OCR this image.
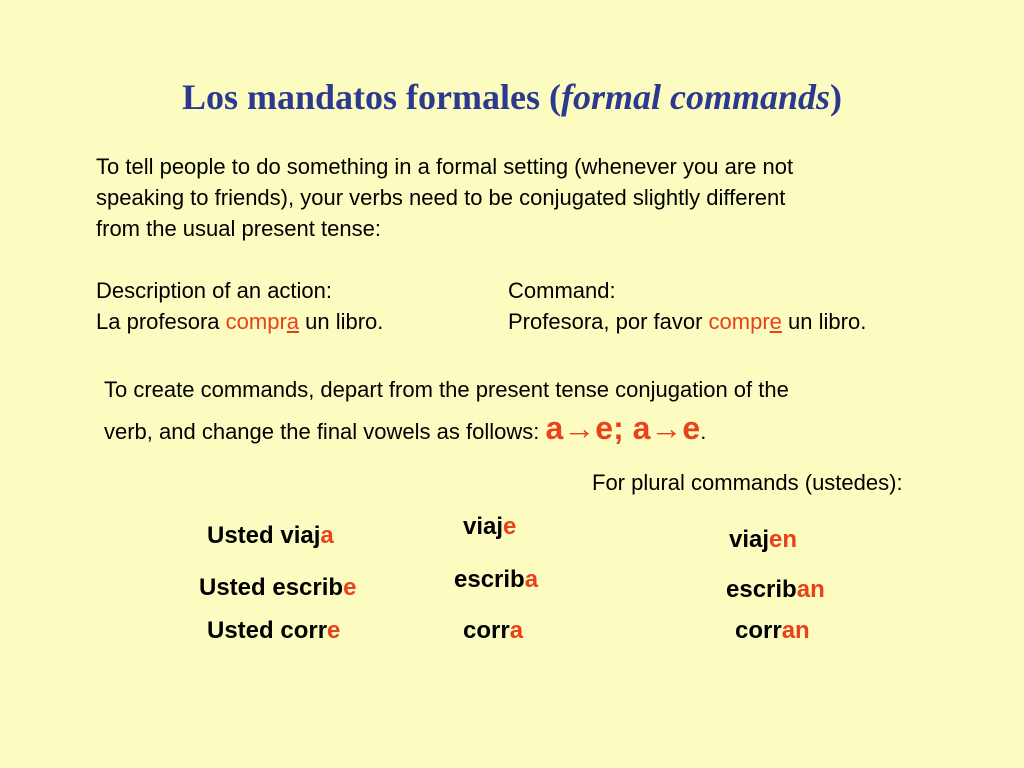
Los mandatos formales (formal commands)
To tell people to do something in a formal setting (whenever you are not
speaking to friends), your verbs need to be conjugated slightly different
from the usual present tense:
Description of an action:
La profesora compra un libro.
Command:
Profesora, por favor compre un libro.
To create commands, depart from the present tense conjugation of the
verb, and change the final vowels as follows: a→e; a→e.
For plural commands (usted​es):
Usted viaja	viaje	viajen
Usted escribe	escriba	escriban
Usted corre	corra	corran
